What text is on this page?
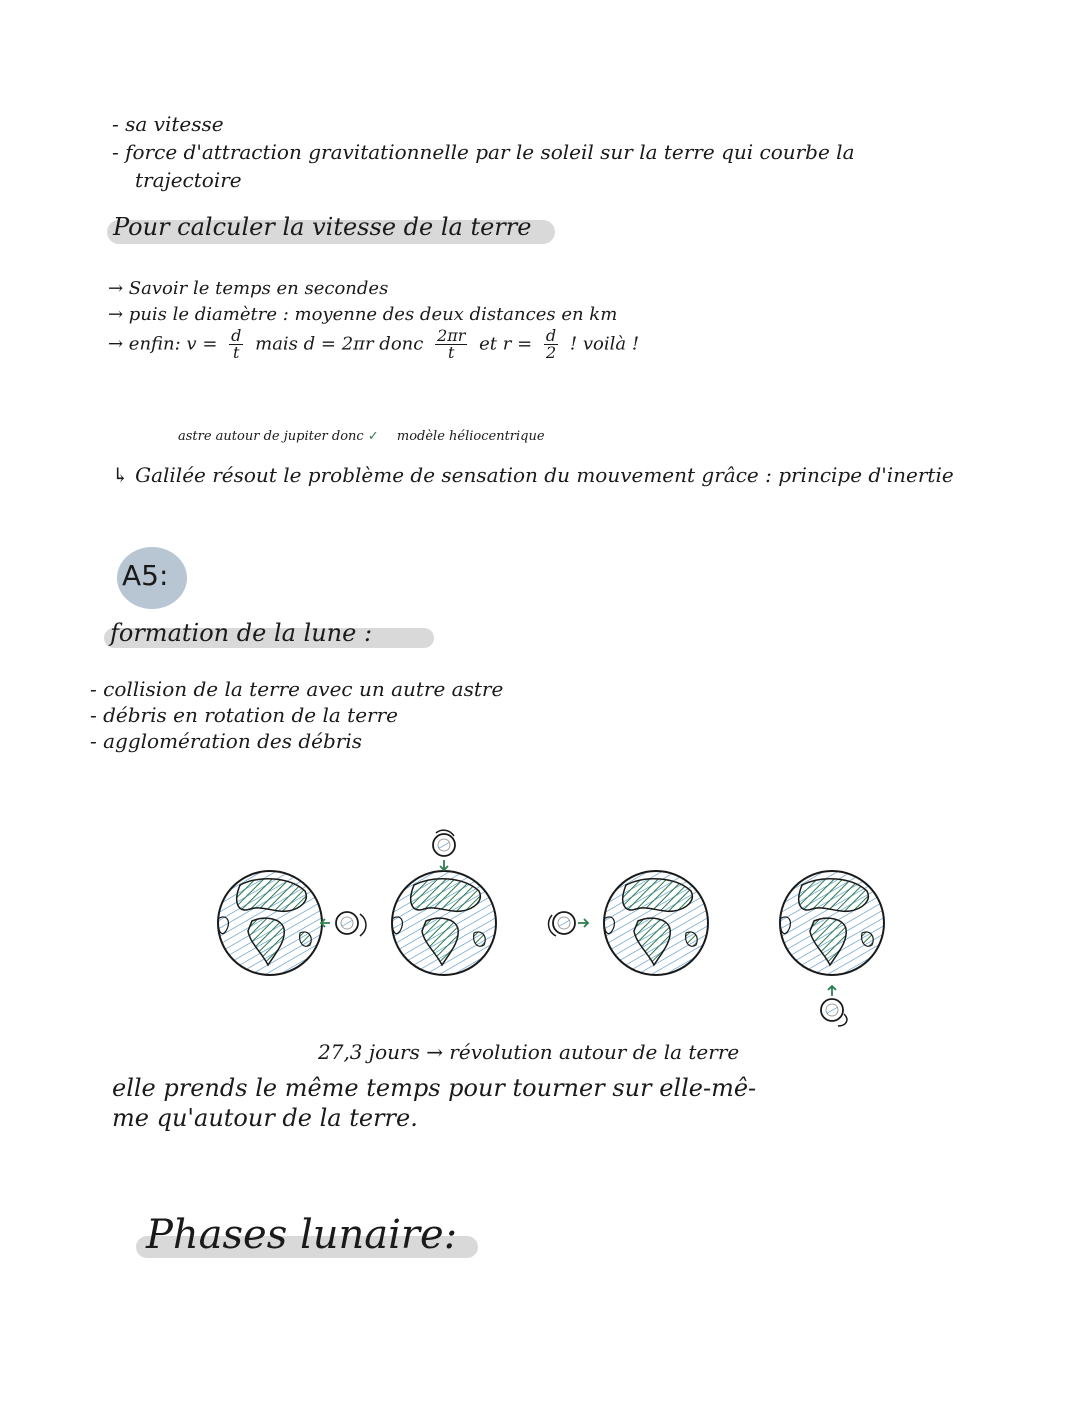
- sa vitesse
- force d'attraction gravitationnelle par le soleil sur la terre qui courbe la
trajectoire
Pour calculer la vitesse de la terre
→ Savoir le temps en secondes
→ puis le diamètre : moyenne des deux distances en km
→ enfin: $v = \frac{d}{t}$ mais d = 2πr donc $\frac{2\pi r}{t}$ et $r = \frac{d}{2}$ ! voilà !
astre autour de jupiter donc ✓ modèle héliocentrique
↳ Galilée résout le problème de sensation du mouvement grâce : principe d'inertie
A5:
formation de la lune :
- collision de la terre avec un autre astre
- débris en rotation de la terre
- agglomération des débris
27,3 jours → révolution autour de la terre
elle prends le même temps pour tourner sur elle-mê-
me qu'autour de la terre.
Phases lunaire:
